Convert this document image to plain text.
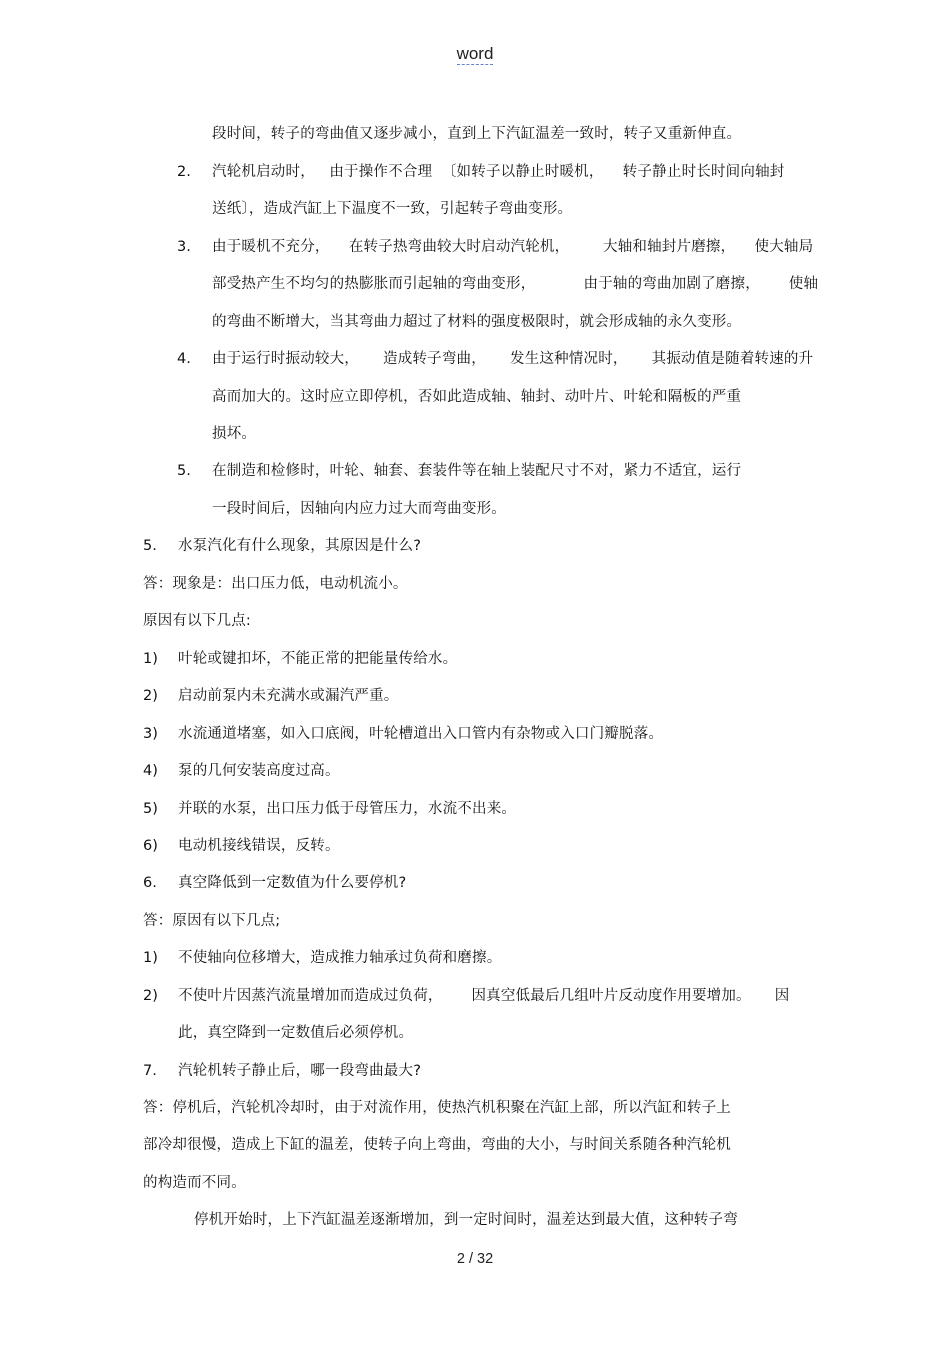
word
段时间，转子的弯曲值又逐步减小，直到上下汽缸温差一致时，转子又重新伸直。
2. 汽轮机启动时，   由于操作不合理  〔如转子以静止时暖机，    转子静止时长时间向轴封
送纸〕，造成汽缸上下温度不一致，引起转子弯曲变形。
3. 由于暖机不充分，    在转子热弯曲较大时启动汽轮机，       大轴和轴封片磨擦，    使大轴局
部受热产生不均匀的热膨胀而引起轴的弯曲变形，          由于轴的弯曲加剧了磨擦，      使轴
的弯曲不断增大，当其弯曲力超过了材料的强度极限时，就会形成轴的永久变形。
4. 由于运行时振动较大，     造成转子弯曲，     发生这种情况时，     其振动值是随着转速的升
高而加大的。这时应立即停机，否如此造成轴、轴封、动叶片、叶轮和隔板的严重
损坏。
5. 在制造和检修时，叶轮、轴套、套装件等在轴上装配尺寸不对，紧力不适宜，运行
一段时间后，因轴向内应力过大而弯曲变形。
5. 水泵汽化有什么现象，其原因是什么?
答：现象是：出口压力低，电动机流小。
原因有以下几点:
1) 叶轮或键扣坏，不能正常的把能量传给水。
2) 启动前泵内未充满水或漏汽严重。
3) 水流通道堵塞，如入口底阀，叶轮槽道出入口管内有杂物或入口门瓣脱落。
4) 泵的几何安装高度过高。
5) 并联的水泵，出口压力低于母管压力，水流不出来。
6) 电动机接线错误，反转。
6. 真空降低到一定数值为什么要停机?
答：原因有以下几点;
1) 不使轴向位移增大，造成推力轴承过负荷和磨擦。
2) 不使叶片因蒸汽流量增加而造成过负荷，      因真空低最后几组叶片反动度作用要增加。     因
此，真空降到一定数值后必须停机。
7. 汽轮机转子静止后，哪一段弯曲最大?
答：停机后，汽轮机冷却时，由于对流作用，使热汽机积聚在汽缸上部，所以汽缸和转子上
部冷却很慢，造成上下缸的温差，使转子向上弯曲，弯曲的大小，与时间关系随各种汽轮机
的构造而不同。
停机开始时，上下汽缸温差逐渐增加，到一定时间时，温差达到最大值，这种转子弯
2 / 32
